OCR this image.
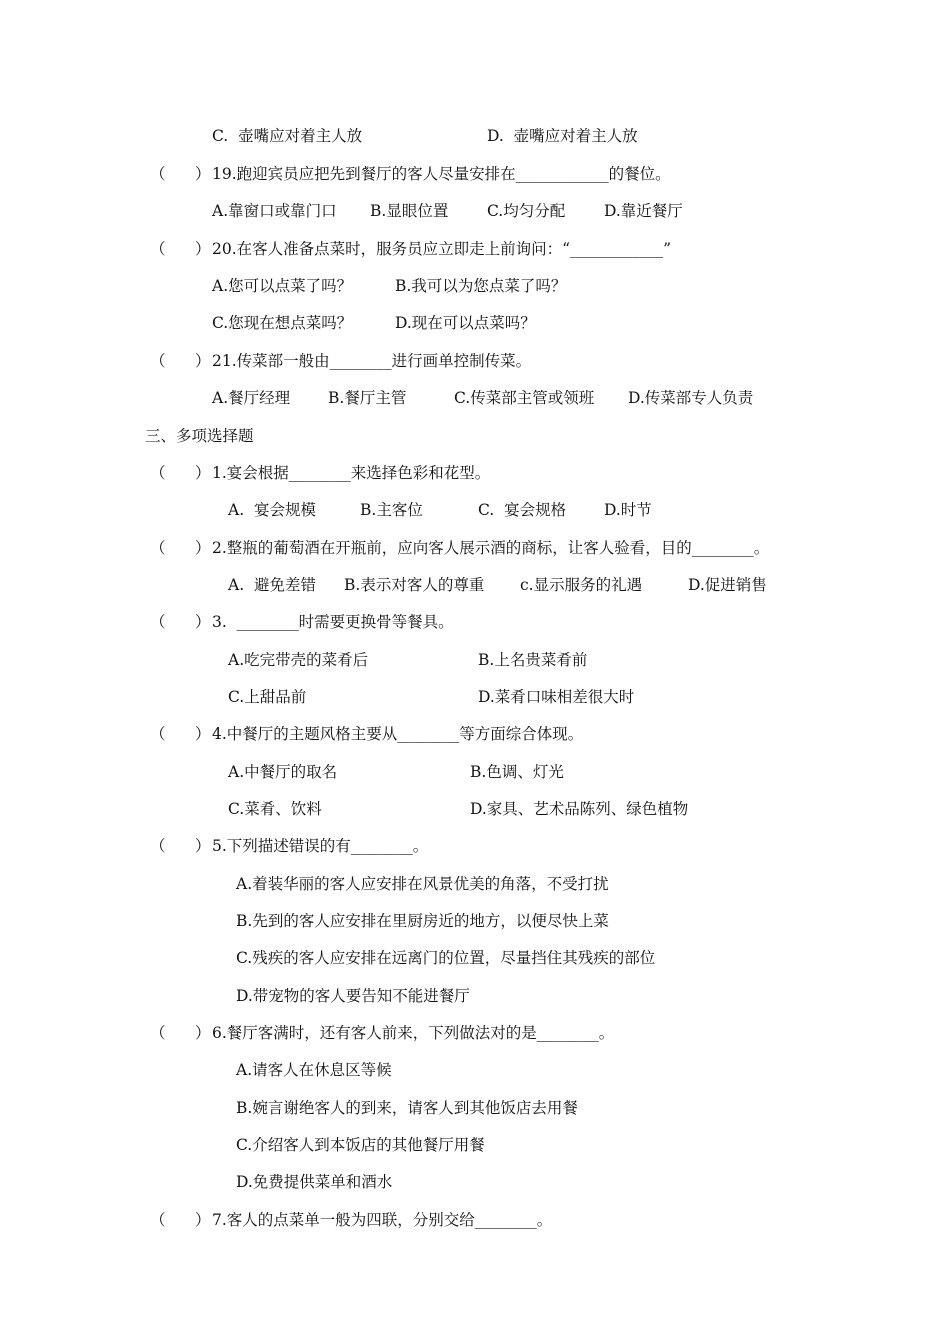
C.  壶嘴应对着主人放	D.  壶嘴应对着主人放
（      ） 19.跑迎宾员应把先到餐厅的客人尽量安排在____________的餐位。
A.靠窗口或靠门口 B.显眼位置 C.均匀分配	D.靠近餐厅
（      ） 20.在客人准备点菜时，服务员应立即走上前询问：“____________”
A.您可以点菜了吗？	B.我可以为您点菜了吗？
C.您现在想点菜吗？	D.现在可以点菜吗？
（      ） 21.传菜部一般由________进行画单控制传菜。
A.餐厅经理 B.餐厅主管	C.传菜部主管或领班 D.传菜部专人负责
三、多项选择题
（      ） 1.宴会根据________来选择色彩和花型。
A.  宴会规模	B.主客位	C.  宴会规格 D.时节
（      ） 2.整瓶的葡萄酒在开瓶前，应向客人展示酒的商标，让客人验看，目的________。
A.  避免差错 B.表示对客人的尊重 c.显示服务的礼遇	D.促进销售
（      ） 3.  ________时需要更换骨等餐具。
A.吃完带壳的菜肴后	B.上名贵菜肴前
C.上甜品前	D.菜肴口味相差很大时
（      ） 4.中餐厅的主题风格主要从________等方面综合体现。
A.中餐厅的取名	B.色调、灯光
C.菜肴、饮料	D.家具、艺术品陈列、绿色植物
（      ） 5.下列描述错误的有________。
A.着装华丽的客人应安排在风景优美的角落，不受打扰
B.先到的客人应安排在里厨房近的地方，以便尽快上菜
C.残疾的客人应安排在远离门的位置，尽量挡住其残疾的部位
D.带宠物的客人要告知不能进餐厅
（      ） 6.餐厅客满时，还有客人前来，下列做法对的是________。
A.请客人在休息区等候
B.婉言谢绝客人的到来，请客人到其他饭店去用餐
C.介绍客人到本饭店的其他餐厅用餐
D.免费提供菜单和酒水
（      ） 7.客人的点菜单一般为四联，分别交给________。
